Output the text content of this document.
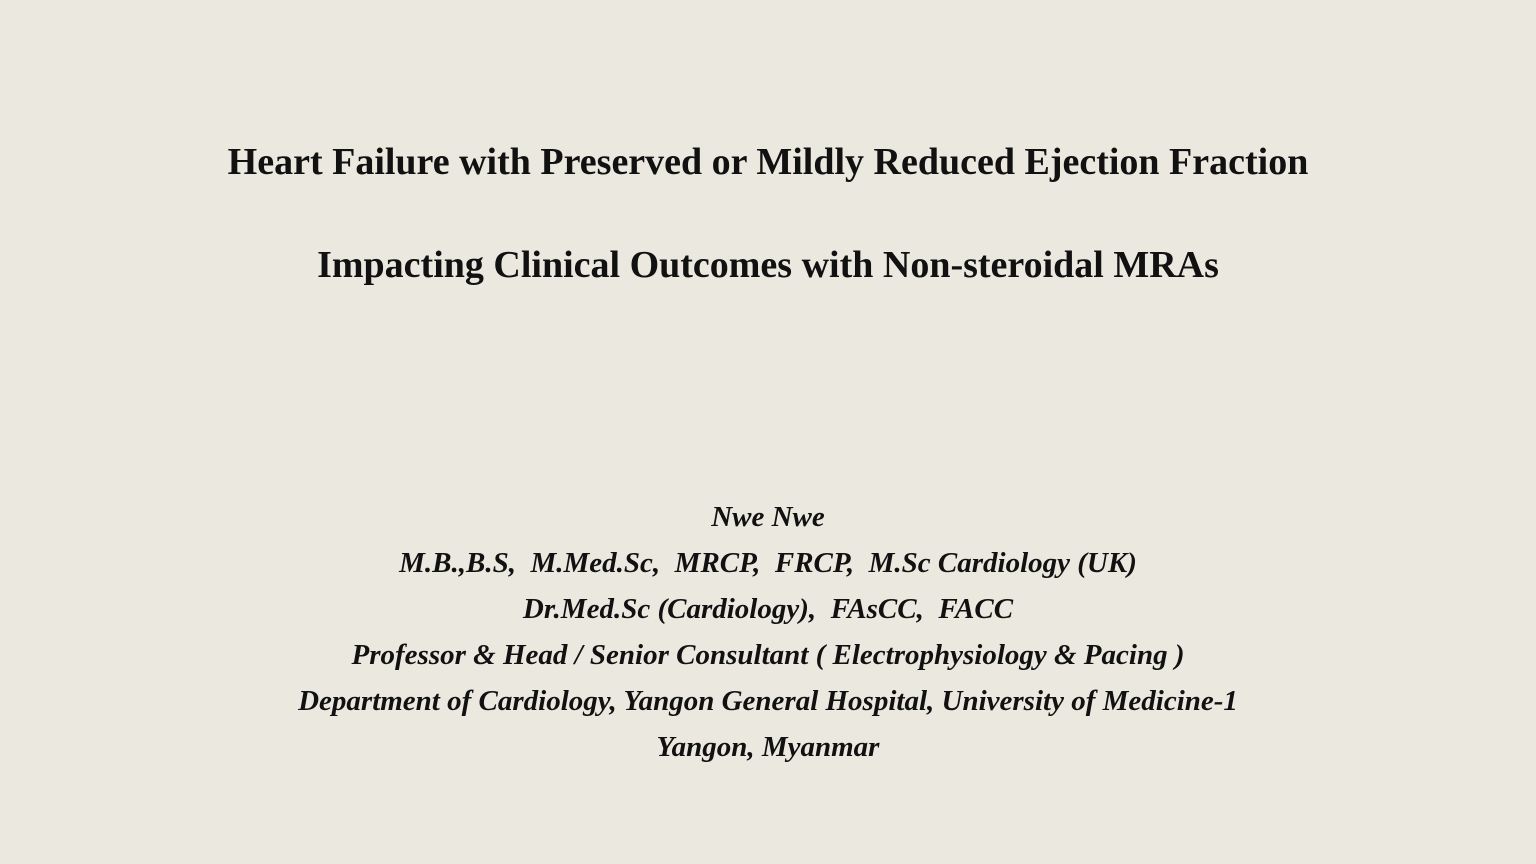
Heart Failure with Preserved or Mildly Reduced Ejection Fraction
Impacting Clinical Outcomes with Non-steroidal MRAs
Nwe Nwe
M.B.,B.S,  M.Med.Sc,  MRCP,  FRCP,  M.Sc Cardiology (UK)
Dr.Med.Sc (Cardiology),  FAsCC,  FACC
Professor & Head / Senior Consultant ( Electrophysiology & Pacing )
Department of Cardiology, Yangon General Hospital, University of Medicine-1
Yangon, Myanmar
